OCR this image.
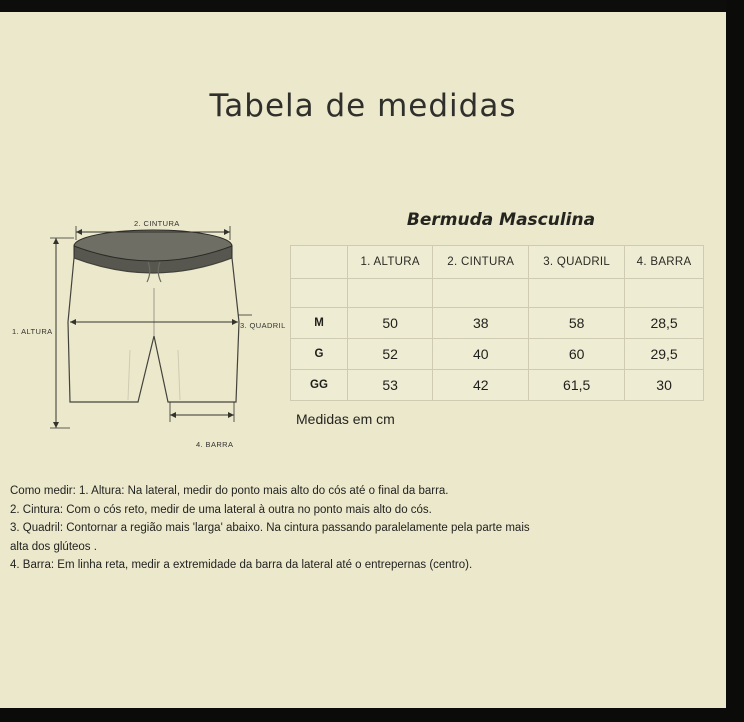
Tabela de medidas
2. CINTURA
1. ALTURA
3. QUADRIL
4. BARRA
Bermuda Masculina
	1. ALTURA	2. CINTURA	3. QUADRIL	4. BARRA

M	50	38	58	28,5
G	52	40	60	29,5
GG	53	42	61,5	30
Medidas em cm

Como medir: 1. Altura: Na lateral, medir do ponto mais alto do cós até o final da barra.

2. Cintura: Com o cós reto, medir de uma lateral à outra no ponto mais alto do cós.

3. Quadril: Contornar a região mais 'larga' abaixo. Na cintura passando paralelamente pela parte mais

alta dos glúteos .

4. Barra: Em linha reta, medir a extremidade da barra da lateral até o entrepernas (centro).
